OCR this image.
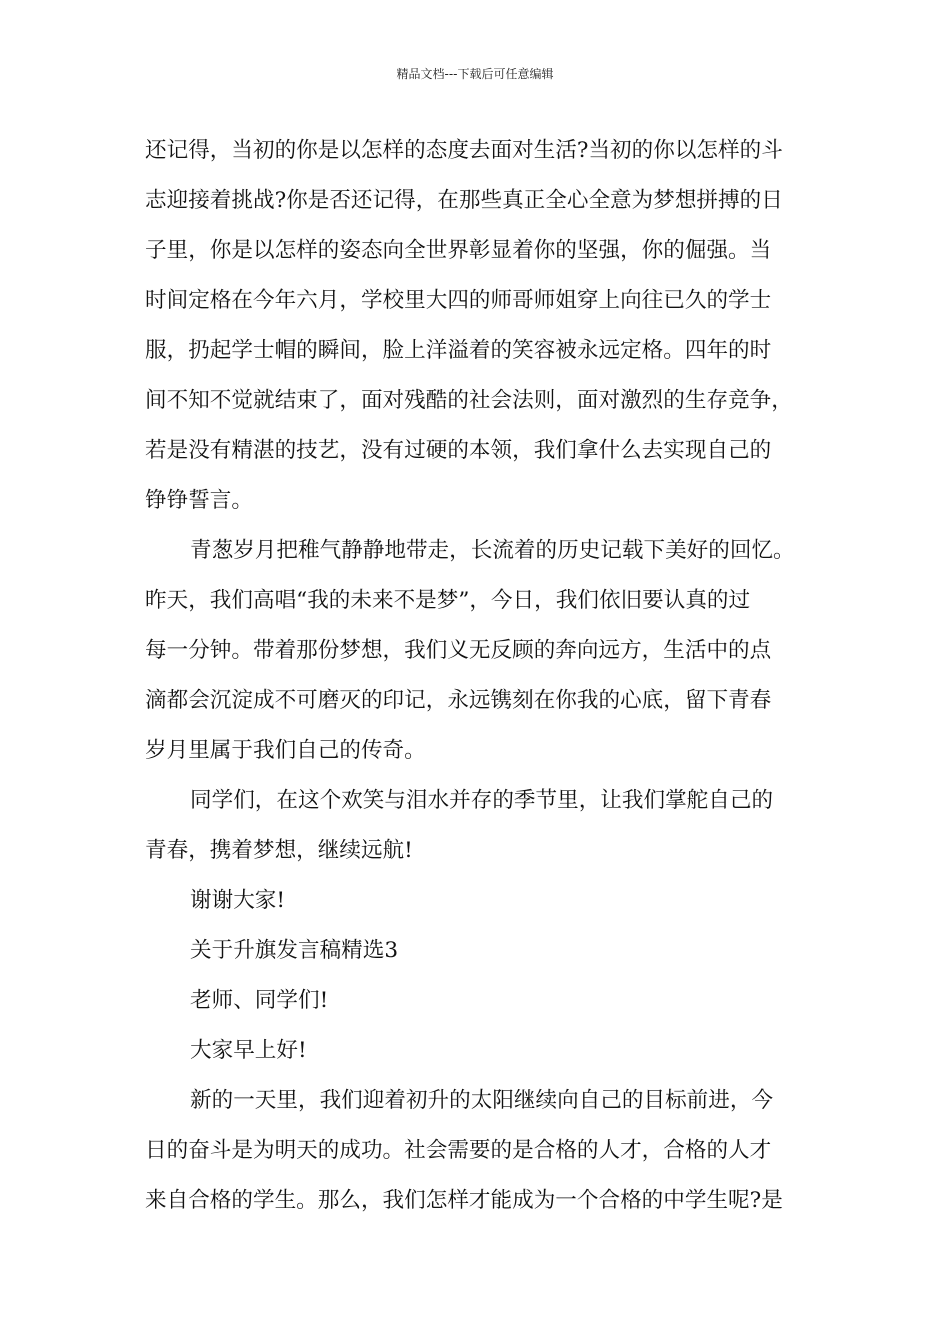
精品文档---下载后可任意编辑
还记得，当初的你是以怎样的态度去面对生活?当初的你以怎样的斗
志迎接着挑战?你是否还记得，在那些真正全心全意为梦想拼搏的日
子里，你是以怎样的姿态向全世界彰显着你的坚强，你的倔强。当
时间定格在今年六月，学校里大四的师哥师姐穿上向往已久的学士
服，扔起学士帽的瞬间，脸上洋溢着的笑容被永远定格。四年的时
间不知不觉就结束了，面对残酷的社会法则，面对激烈的生存竞争，
若是没有精湛的技艺，没有过硬的本领，我们拿什么去实现自己的
铮铮誓言。
青葱岁月把稚气静静地带走，长流着的历史记载下美好的回忆。
昨天，我们高唱“我的未来不是梦”，今日，我们依旧要认真的过
每一分钟。带着那份梦想，我们义无反顾的奔向远方，生活中的点
滴都会沉淀成不可磨灭的印记，永远镌刻在你我的心底，留下青春
岁月里属于我们自己的传奇。
同学们，在这个欢笑与泪水并存的季节里，让我们掌舵自己的
青春，携着梦想，继续远航!
谢谢大家!
关于升旗发言稿精选3
老师、同学们!
大家早上好!
新的一天里，我们迎着初升的太阳继续向自己的目标前进，今
日的奋斗是为明天的成功。社会需要的是合格的人才，合格的人才
来自合格的学生。那么，我们怎样才能成为一个合格的中学生呢?是
